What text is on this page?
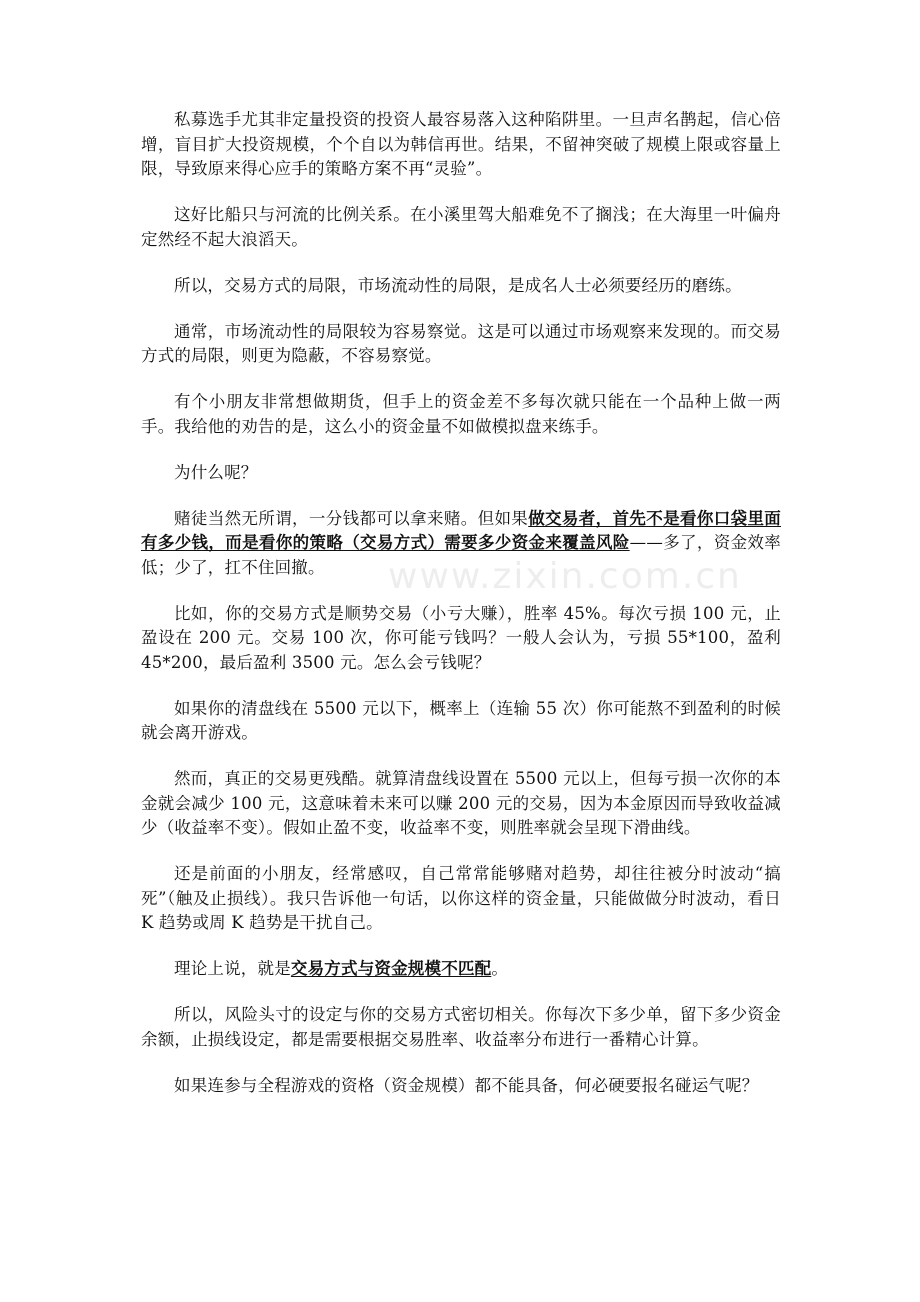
www.zixin.com.cn

私募选手尤其非定量投资的投资人最容易落入这种陷阱里。一旦声名鹊起，信心倍增，盲目扩大投资规模，个个自以为韩信再世。结果，不留神突破了规模上限或容量上限，导致原来得心应手的策略方案不再“灵验”。

这好比船只与河流的比例关系。在小溪里驾大船难免不了搁浅；在大海里一叶偏舟定然经不起大浪滔天。

所以，交易方式的局限，市场流动性的局限，是成名人士必须要经历的磨练。

通常，市场流动性的局限较为容易察觉。这是可以通过市场观察来发现的。而交易方式的局限，则更为隐蔽，不容易察觉。

有个小朋友非常想做期货，但手上的资金差不多每次就只能在一个品种上做一两手。我给他的劝告的是，这么小的资金量不如做模拟盘来练手。

为什么呢？

赌徒当然无所谓，一分钱都可以拿来赌。但如果做交易者，首先不是看你口袋里面有多少钱，而是看你的策略（交易方式）需要多少资金来覆盖风险——多了，资金效率低；少了，扛不住回撤。

比如，你的交易方式是顺势交易（小亏大赚），胜率 45%。每次亏损 100 元，止盈设在 200 元。交易 100 次，你可能亏钱吗？一般人会认为，亏损 55*100，盈利 45*200，最后盈利 3500 元。怎么会亏钱呢？

如果你的清盘线在 5500 元以下，概率上（连输 55 次）你可能熬不到盈利的时候就会离开游戏。

然而，真正的交易更残酷。就算清盘线设置在 5500 元以上，但每亏损一次你的本金就会减少 100 元，这意味着未来可以赚 200 元的交易，因为本金原因而导致收益减少（收益率不变）。假如止盈不变，收益率不变，则胜率就会呈现下滑曲线。

还是前面的小朋友，经常感叹，自己常常能够赌对趋势，却往往被分时波动“搞死”（触及止损线）。我只告诉他一句话，以你这样的资金量，只能做做分时波动，看日 K 趋势或周 K 趋势是干扰自己。

理论上说，就是交易方式与资金规模不匹配。

所以，风险头寸的设定与你的交易方式密切相关。你每次下多少单，留下多少资金余额，止损线设定，都是需要根据交易胜率、收益率分布进行一番精心计算。

如果连参与全程游戏的资格（资金规模）都不能具备，何必硬要报名碰运气呢？
